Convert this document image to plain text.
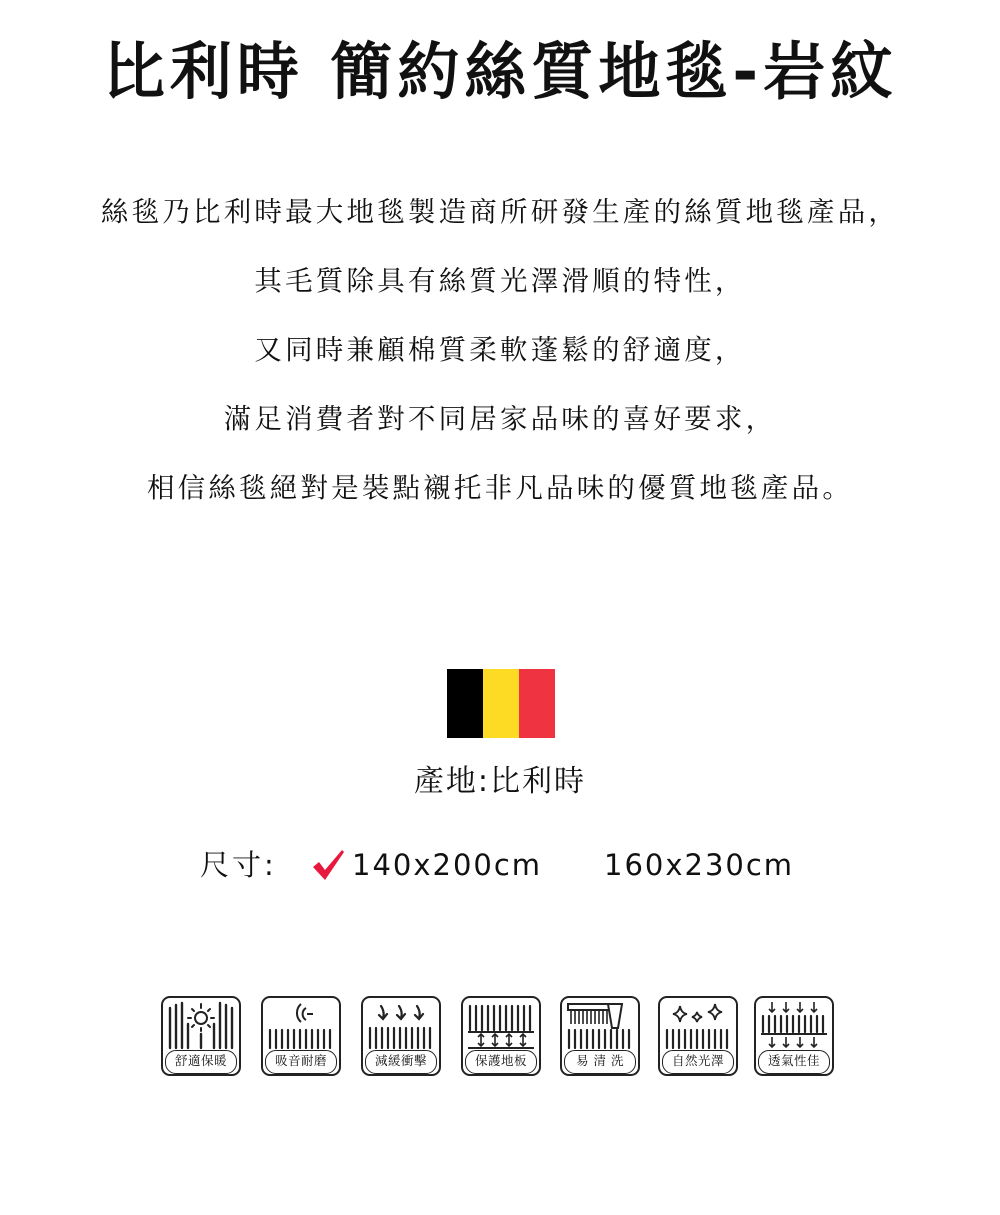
比利時 簡約絲質地毯-岩紋
絲毯乃比利時最大地毯製造商所研發生產的絲質地毯產品，
其毛質除具有絲質光澤滑順的特性，
又同時兼顧棉質柔軟蓬鬆的舒適度，
滿足消費者對不同居家品味的喜好要求，
相信絲毯絕對是裝點襯托非凡品味的優質地毯產品。
產地:比利時
尺寸:	140x200cm 160x230cm
舒適保暖	吸音耐磨	減緩衝擊	保護地板	易 清 洗	自然光澤	透氣性佳
